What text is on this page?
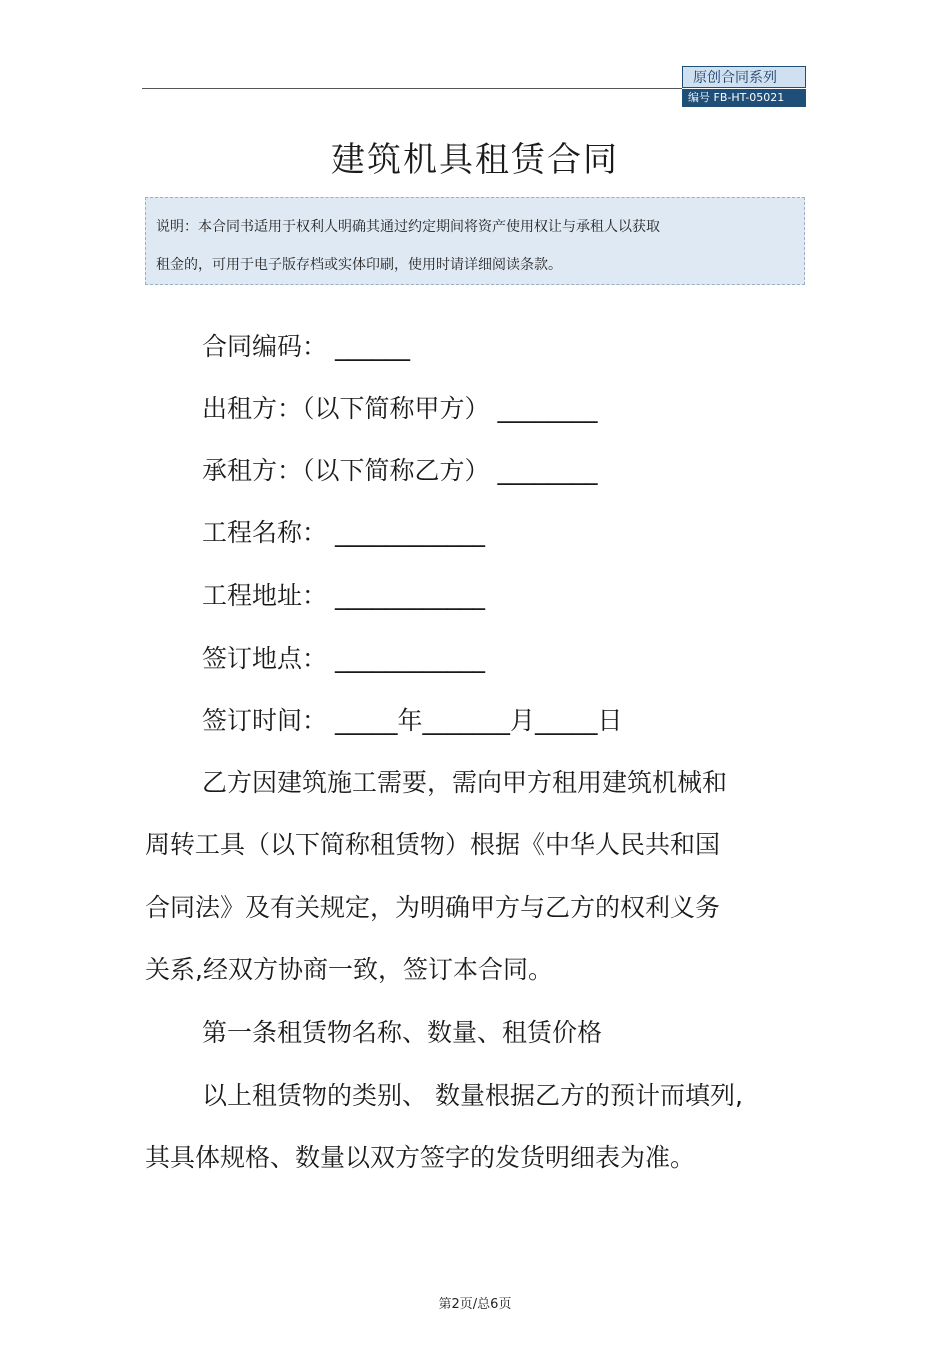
原创合同系列
编号 FB-HT-05021
建筑机具租赁合同

说明：本合同书适用于权利人明确其通过约定期间将资产使用权让与承租人以获取

租金的，可用于电子版存档或实体印刷，使用时请详细阅读条款。

合同编码： ______
出租方：（以下简称甲方） ________
承租方：（以下简称乙方） ________
工程名称： ____________
工程地址： ____________
签订地点： ____________
签订时间： _____年_______月_____日
乙方因建筑施工需要，需向甲方租用建筑机械和
周转工具（以下简称租赁物）根据《中华人民共和国
合同法》及有关规定，为明确甲方与乙方的权利义务
关系,经双方协商一致，签订本合同。
第一条租赁物名称、数量、租赁价格
以上租赁物的类别、 数量根据乙方的预计而填列,
其具体规格、数量以双方签字的发货明细表为准。
第2页/总6页
